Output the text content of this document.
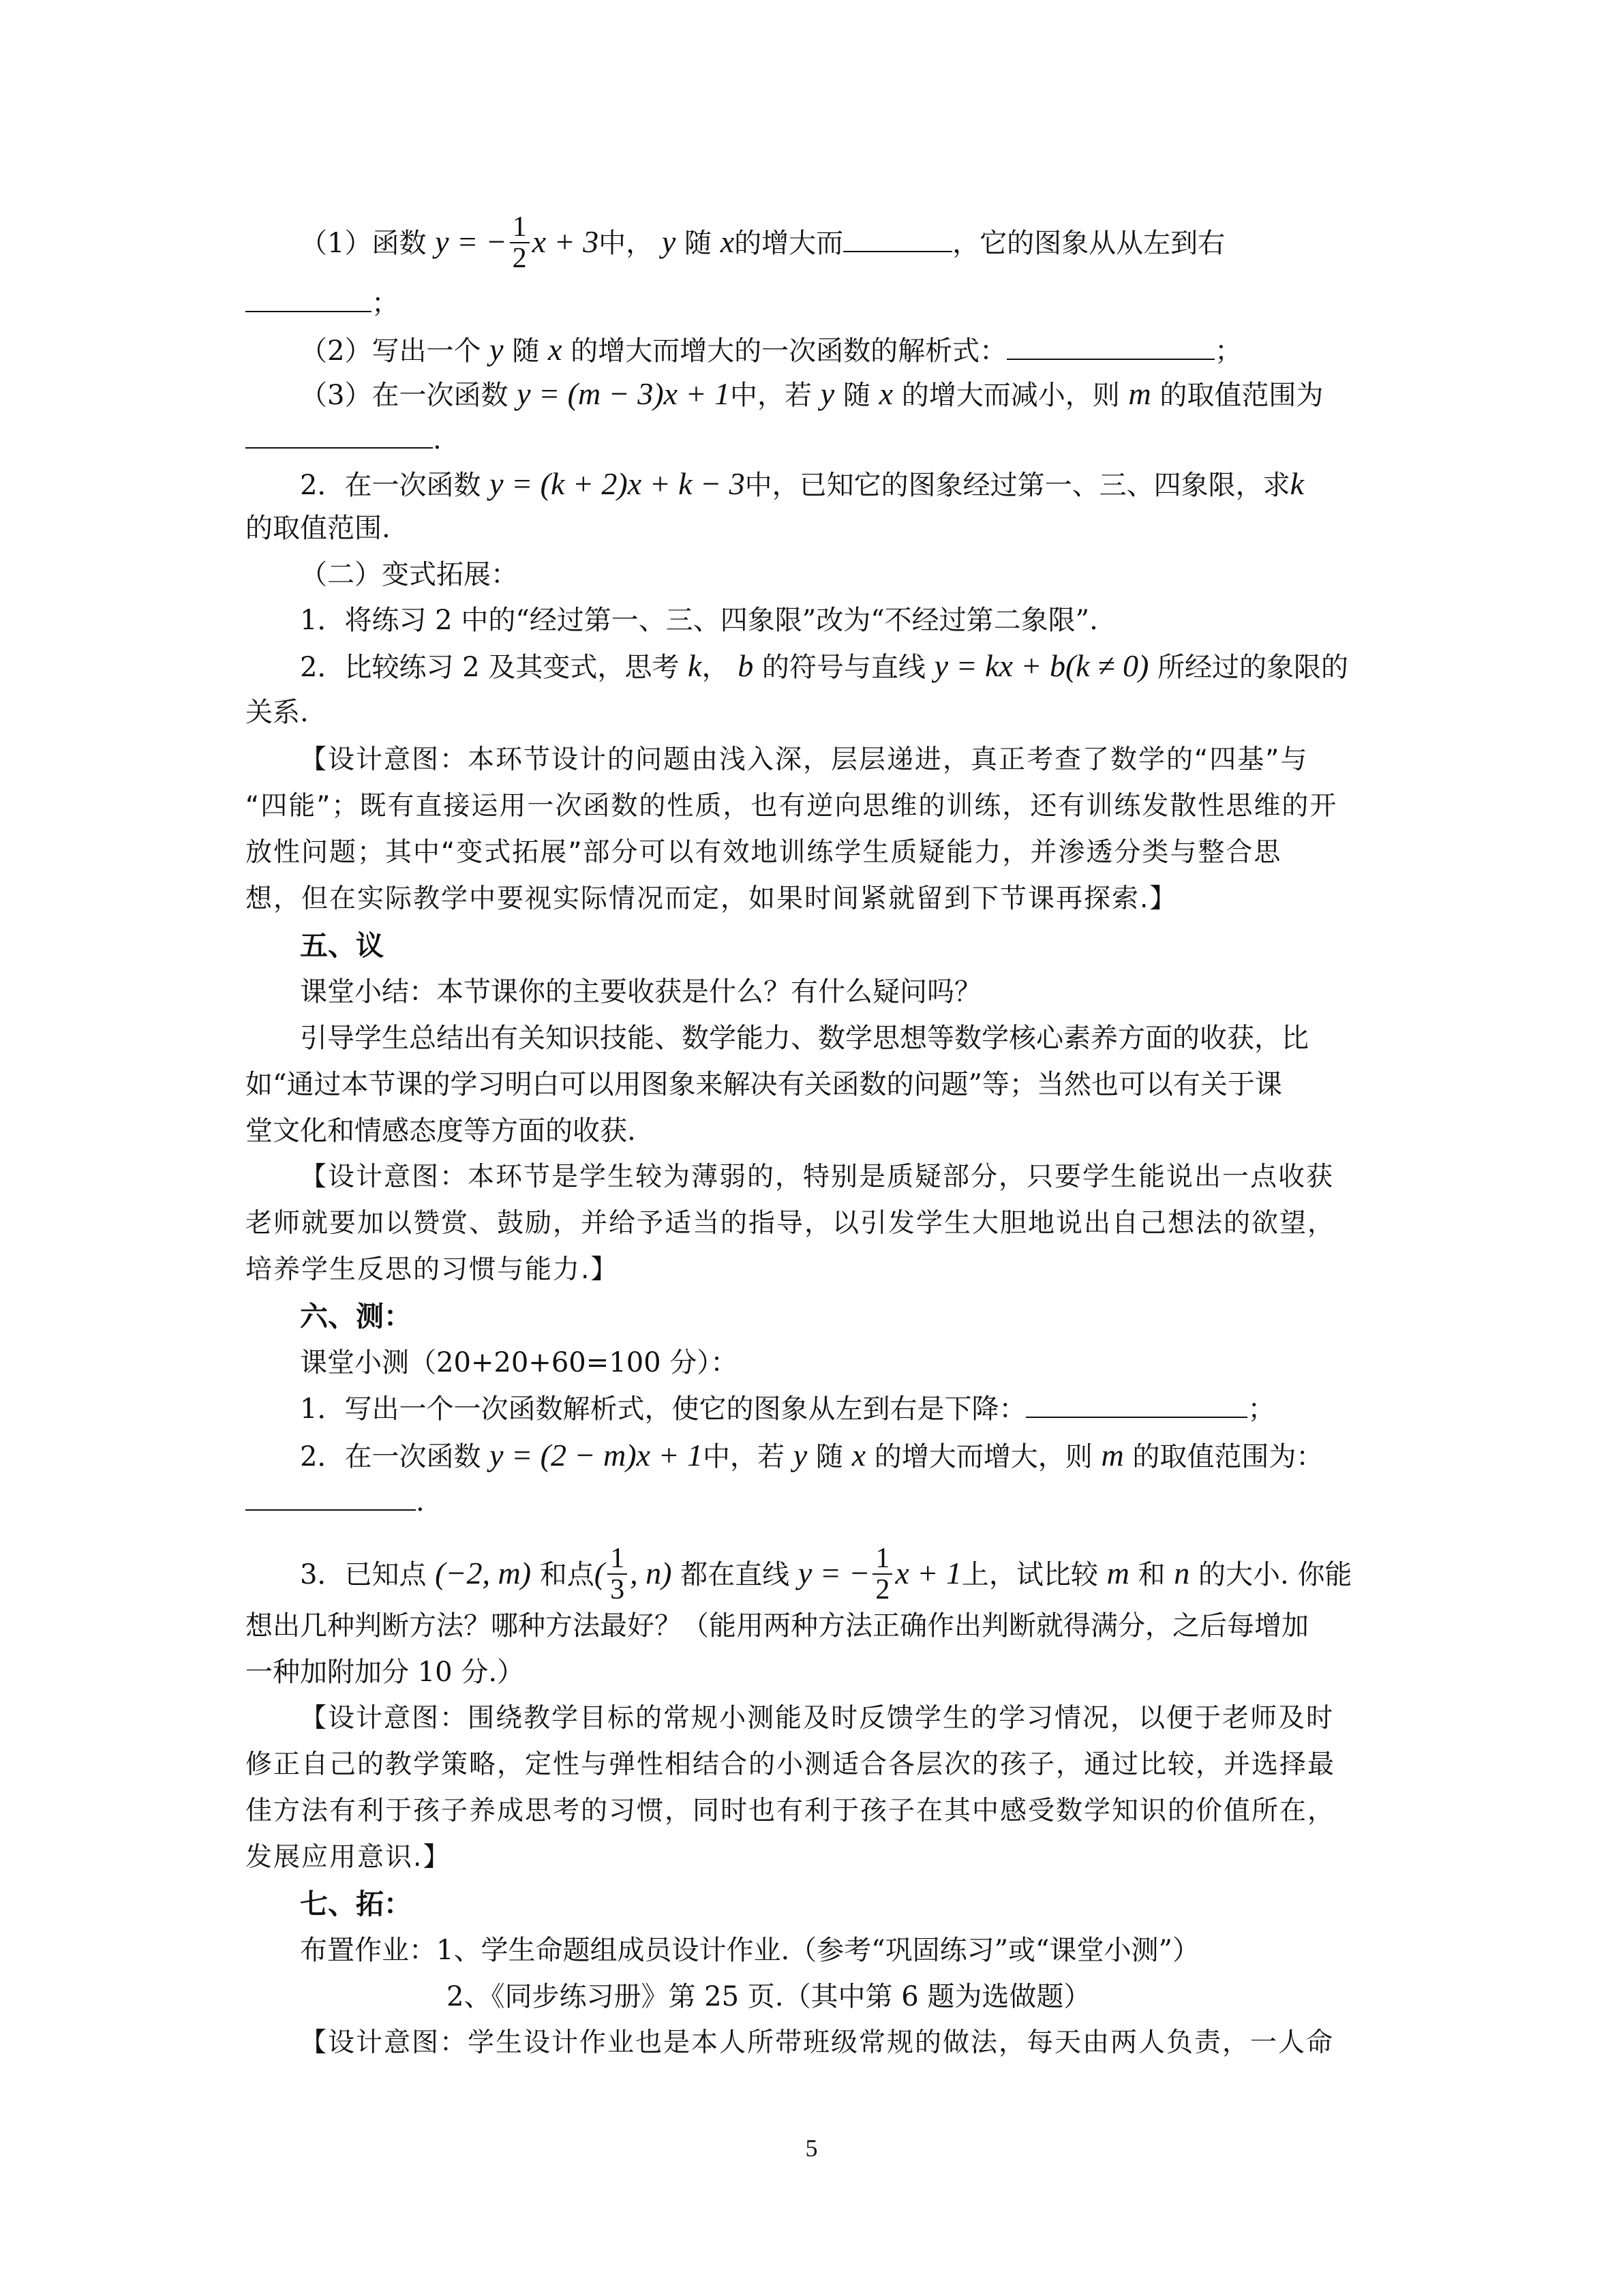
（1）函数 y = − $\frac{1}{2}$ x + 3中， y 随 x的增大而	，它的图象从从左到右
；
（2）写出一个 y 随 x 的增大而增大的一次函数的解析式：	；
（3）在一次函数 y = (m − 3)x + 1中，若 y 随 x 的增大而减小，则 m 的取值范围为
.
2．在一次函数 y = (k + 2)x + k − 3中，已知它的图象经过第一、三、四象限，求k
的取值范围.
（二）变式拓展：
1．将练习 2 中的“经过第一、三、四象限”改为“不经过第二象限”.
2．比较练习 2 及其变式，思考 k， b 的符号与直线 y = kx + b(k ≠ 0) 所经过的象限的
关系.
【设计意图：本环节设计的问题由浅入深，层层递进，真正考查了数学的“四基”与
“四能”；既有直接运用一次函数的性质，也有逆向思维的训练，还有训练发散性思维的开
放性问题；其中“变式拓展”部分可以有效地训练学生质疑能力，并渗透分类与整合思
想，但在实际教学中要视实际情况而定，如果时间紧就留到下节课再探索.】
五、议
课堂小结：本节课你的主要收获是什么？有什么疑问吗？
引导学生总结出有关知识技能、数学能力、数学思想等数学核心素养方面的收获，比
如“通过本节课的学习明白可以用图象来解决有关函数的问题”等；当然也可以有关于课
堂文化和情感态度等方面的收获.
【设计意图：本环节是学生较为薄弱的，特别是质疑部分，只要学生能说出一点收获
老师就要加以赞赏、鼓励，并给予适当的指导，以引发学生大胆地说出自己想法的欲望，
培养学生反思的习惯与能力.】
六、测：
课堂小测（20+20+60=100 分）：
1．写出一个一次函数解析式，使它的图象从左到右是下降：	；
2．在一次函数 y = (2 − m)x + 1中，若 y 随 x 的增大而增大，则 m 的取值范围为：
.
3．已知点 (−2, m) 和点( $\frac{1}{3}$ , n) 都在直线 y = − $\frac{1}{2}$ x + 1上，试比较 m 和 n 的大小. 你能
想出几种判断方法？哪种方法最好？（能用两种方法正确作出判断就得满分，之后每增加
一种加附加分 10 分.）
【设计意图：围绕教学目标的常规小测能及时反馈学生的学习情况，以便于老师及时
修正自己的教学策略，定性与弹性相结合的小测适合各层次的孩子，通过比较，并选择最
佳方法有利于孩子养成思考的习惯，同时也有利于孩子在其中感受数学知识的价值所在，
发展应用意识.】
七、拓：
布置作业：1、学生命题组成员设计作业.（参考“巩固练习”或“课堂小测”）
2、《同步练习册》第 25 页.（其中第 6 题为选做题）
【设计意图：学生设计作业也是本人所带班级常规的做法，每天由两人负责，一人命
5
